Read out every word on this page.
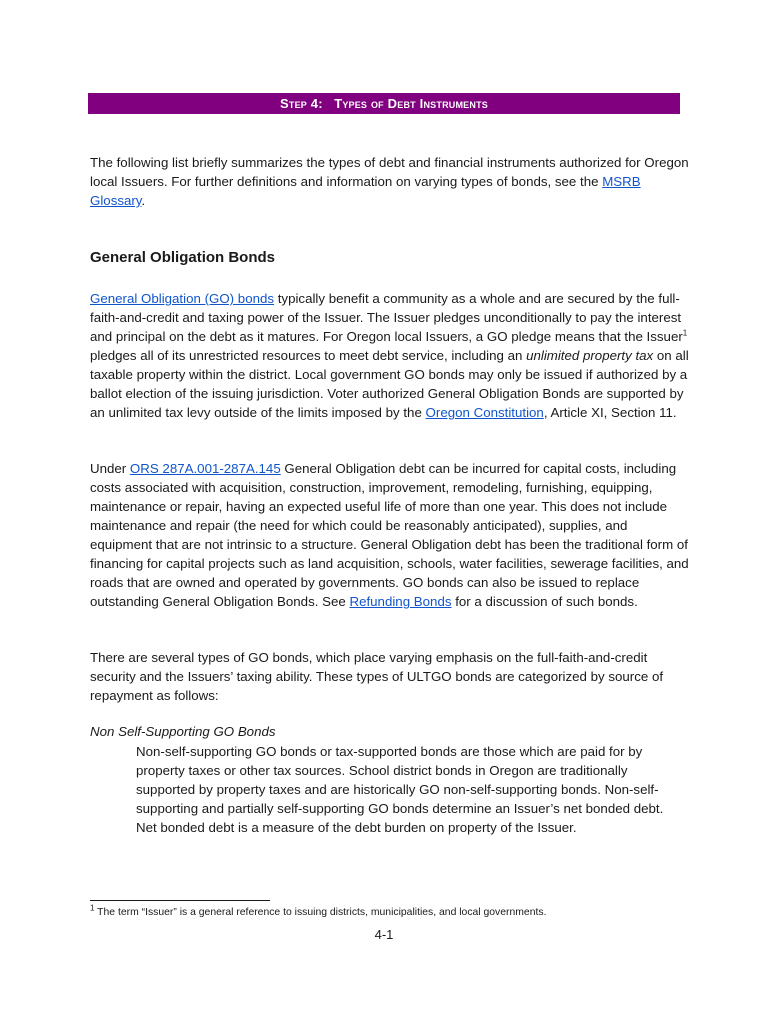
Step 4: Types of Debt Instruments

The following list briefly summarizes the types of debt and financial instruments authorized for Oregon local Issuers. For further definitions and information on varying types of bonds, see the MSRB Glossary.

General Obligation Bonds

General Obligation (GO) bonds typically benefit a community as a whole and are secured by the full-faith-and-credit and taxing power of the Issuer. The Issuer pledges unconditionally to pay the interest and principal on the debt as it matures. For Oregon local Issuers, a GO pledge means that the Issuer$^1$ pledges all of its unrestricted resources to meet debt service, including an unlimited property tax on all taxable property within the district. Local government GO bonds may only be issued if authorized by a ballot election of the issuing jurisdiction. Voter authorized General Obligation Bonds are supported by an unlimited tax levy outside of the limits imposed by the Oregon Constitution, Article XI, Section 11.

Under ORS 287A.001-287A.145 General Obligation debt can be incurred for capital costs, including costs associated with acquisition, construction, improvement, remodeling, furnishing, equipping, maintenance or repair, having an expected useful life of more than one year. This does not include maintenance and repair (the need for which could be reasonably anticipated), supplies, and equipment that are not intrinsic to a structure. General Obligation debt has been the traditional form of financing for capital projects such as land acquisition, schools, water facilities, sewerage facilities, and roads that are owned and operated by governments. GO bonds can also be issued to replace outstanding General Obligation Bonds. See Refunding Bonds for a discussion of such bonds.

There are several types of GO bonds, which place varying emphasis on the full-faith-and-credit security and the Issuers’ taxing ability. These types of ULTGO bonds are categorized by source of repayment as follows:

Non Self-Supporting GO Bonds

Non-self-supporting GO bonds or tax-supported bonds are those which are paid for by property taxes or other tax sources. School district bonds in Oregon are traditionally supported by property taxes and are historically GO non-self-supporting bonds. Non-self-supporting and partially self-supporting GO bonds determine an Issuer’s net bonded debt. Net bonded debt is a measure of the debt burden on property of the Issuer.

$^1$ The term “Issuer” is a general reference to issuing districts, municipalities, and local governments.
4-1
